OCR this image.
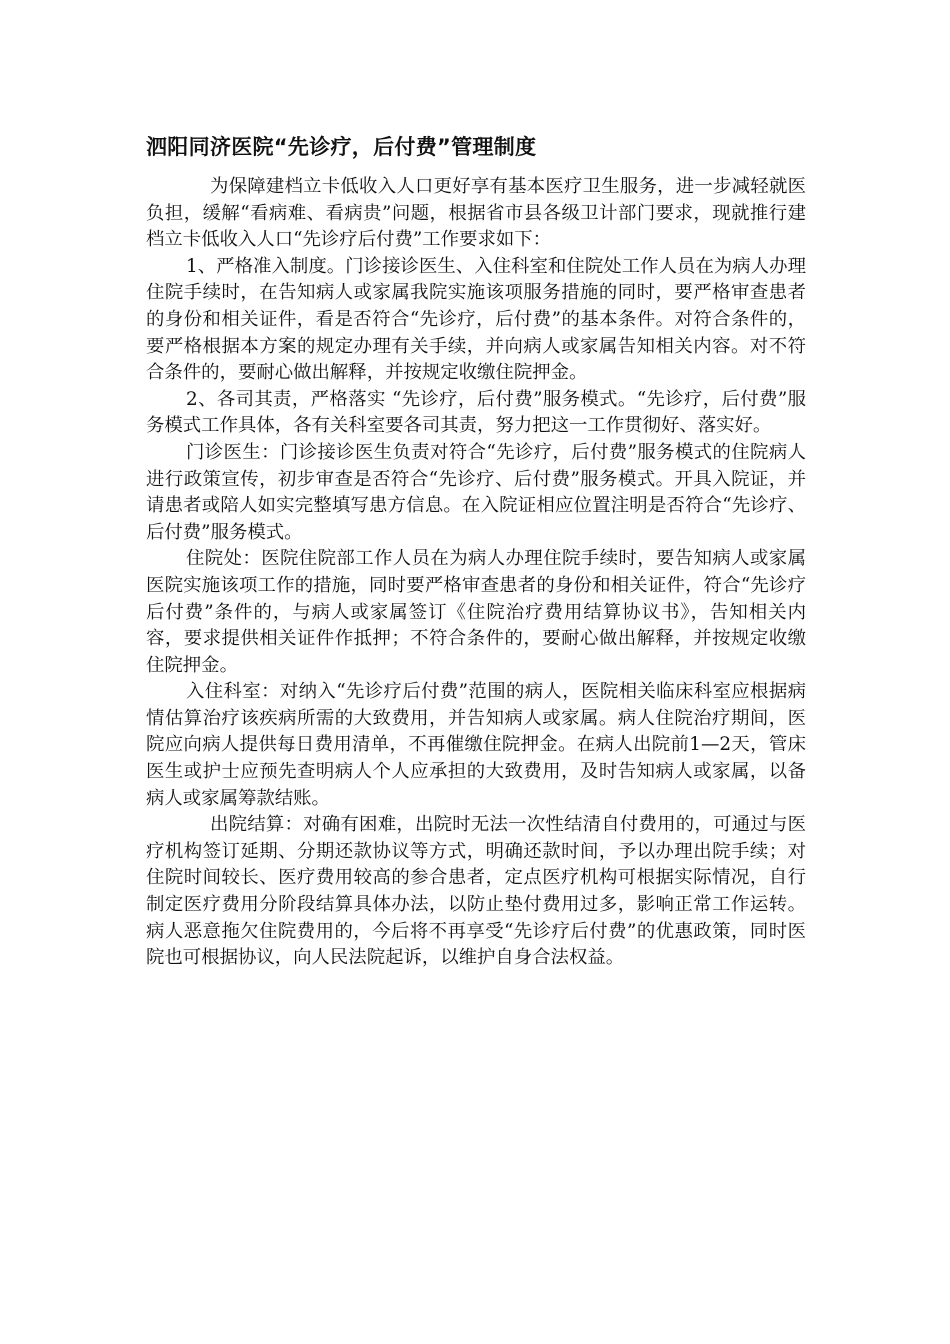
泗阳同济医院“先诊疗，后付费”管理制度

为保障建档立卡低收入人口更好享有基本医疗卫生服务，进一步减轻就医负担，缓解“看病难、看病贵”问题，根据省市县各级卫计部门要求，现就推行建档立卡低收入人口“先诊疗后付费”工作要求如下：

1、严格准入制度。门诊接诊医生、入住科室和住院处工作人员在为病人办理住院手续时，在告知病人或家属我院实施该项服务措施的同时，要严格审查患者的身份和相关证件，看是否符合“先诊疗，后付费”的基本条件。对符合条件的，要严格根据本方案的规定办理有关手续，并向病人或家属告知相关内容。对不符合条件的，要耐心做出解释，并按规定收缴住院押金。

2、各司其责，严格落实 “先诊疗，后付费”服务模式。“先诊疗，后付费”服务模式工作具体，各有关科室要各司其责，努力把这一工作贯彻好、落实好。

门诊医生：门诊接诊医生负责对符合“先诊疗，后付费”服务模式的住院病人进行政策宣传，初步审查是否符合“先诊疗、后付费”服务模式。开具入院证，并请患者或陪人如实完整填写患方信息。在入院证相应位置注明是否符合“先诊疗、后付费”服务模式。

住院处：医院住院部工作人员在为病人办理住院手续时，要告知病人或家属医院实施该项工作的措施，同时要严格审查患者的身份和相关证件，符合“先诊疗后付费”条件的，与病人或家属签订《住院治疗费用结算协议书》，告知相关内容，要求提供相关证件作抵押；不符合条件的，要耐心做出解释，并按规定收缴住院押金。

入住科室：对纳入“先诊疗后付费”范围的病人，医院相关临床科室应根据病情估算治疗该疾病所需的大致费用，并告知病人或家属。病人住院治疗期间，医院应向病人提供每日费用清单，不再催缴住院押金。在病人出院前1—2天，管床医生或护士应预先查明病人个人应承担的大致费用，及时告知病人或家属，以备病人或家属筹款结账。

出院结算：对确有困难，出院时无法一次性结清自付费用的，可通过与医疗机构签订延期、分期还款协议等方式，明确还款时间，予以办理出院手续；对住院时间较长、医疗费用较高的参合患者，定点医疗机构可根据实际情况，自行制定医疗费用分阶段结算具体办法，以防止垫付费用过多，影响正常工作运转。病人恶意拖欠住院费用的，今后将不再享受“先诊疗后付费”的优惠政策，同时医院也可根据协议，向人民法院起诉，以维护自身合法权益。
